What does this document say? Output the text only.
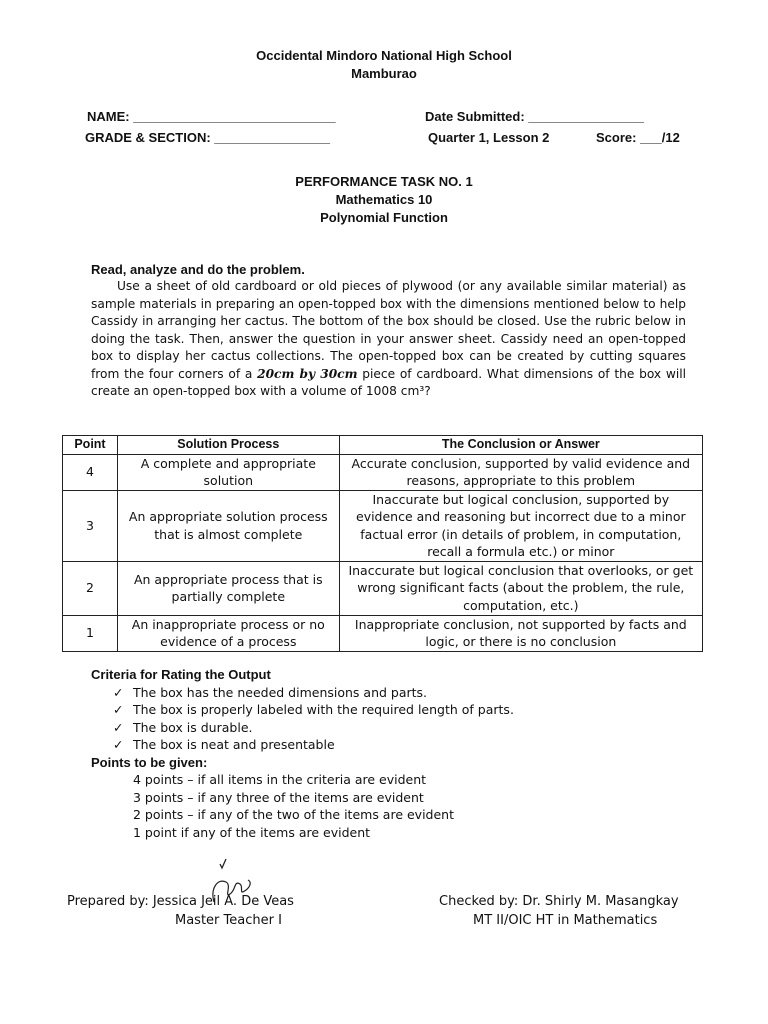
Occidental Mindoro National High School
Mamburao
NAME: ____________________________	Date Submitted: ________________
GRADE & SECTION: ________________	Quarter 1, Lesson 2	Score: ___/12
PERFORMANCE TASK NO. 1
Mathematics 10
Polynomial Function
Read, analyze and do the problem.
Use a sheet of old cardboard or old pieces of plywood (or any available similar material) as sample materials in preparing an open-topped box with the dimensions mentioned below to help Cassidy in arranging her cactus. The bottom of the box should be closed. Use the rubric below in doing the task. Then, answer the question in your answer sheet. Cassidy need an open-topped box to display her cactus collections. The open-topped box can be created by cutting squares from the four corners of a 20cm by 30cm piece of cardboard. What dimensions of the box will create an open-topped box with a volume of 1008 cm³?
Point	Solution Process	The Conclusion or Answer
4	A complete and appropriate solution	Accurate conclusion, supported by valid evidence and reasons, appropriate to this problem
3	An appropriate solution process that is almost complete	Inaccurate but logical conclusion, supported by evidence and reasoning but incorrect due to a minor factual error (in details of problem, in computation, recall a formula etc.) or minor
2	An appropriate process that is partially complete	Inaccurate but logical conclusion that overlooks, or get wrong significant facts (about the problem, the rule, computation, etc.)
1	An inappropriate process or no evidence of a process	Inappropriate conclusion, not supported by facts and logic, or there is no conclusion
Criteria for Rating the Output
✓ The box has the needed dimensions and parts.
✓ The box is properly labeled with the required length of parts.
✓ The box is durable.
✓ The box is neat and presentable
Points to be given:
4 points – if all items in the criteria are evident
3 points – if any three of the items are evident
2 points – if any of the two of the items are evident
1 point if any of the items are evident
Prepared by: Jessica Jeil A. De Veas
Master Teacher I
Checked by: Dr. Shirly M. Masangkay
MT II/OIC HT in Mathematics
